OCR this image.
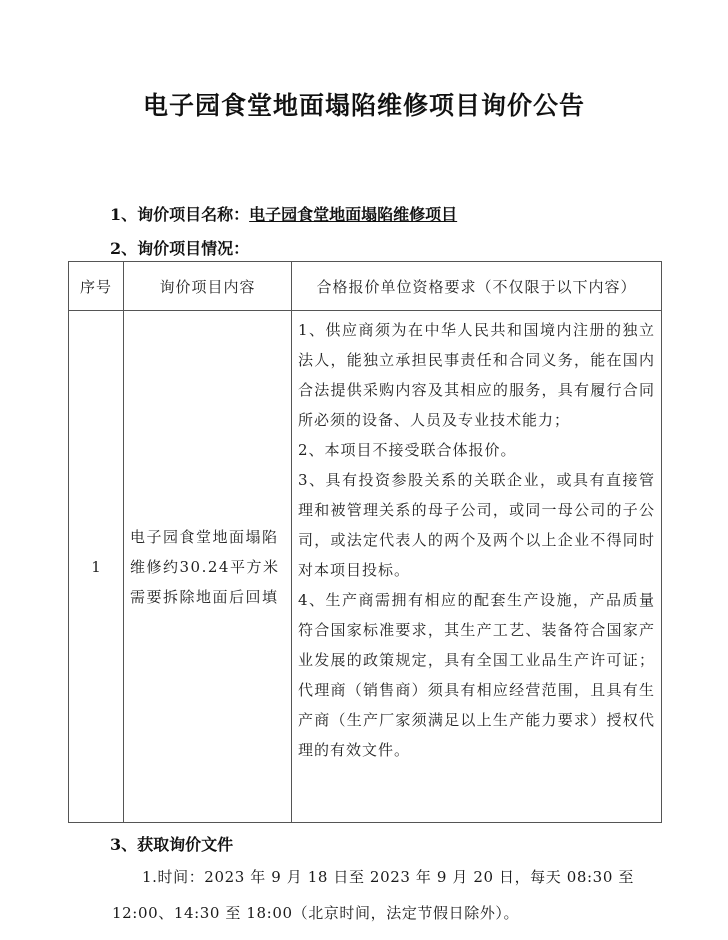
电子园食堂地面塌陷维修项目询价公告
1、询价项目名称：电子园食堂地面塌陷维修项目
2、询价项目情况：
序号	询价项目内容	合格报价单位资格要求（不仅限于以下内容）
1	电子园食堂地面塌陷维修约30.24平方米需要拆除地面后回填	1、供应商须为在中华人民共和国境内注册的独立法人，能独立承担民事责任和合同义务，能在国内合法提供采购内容及其相应的服务，具有履行合同所必须的设备、人员及专业技术能力；

2、本项目不接受联合体报价。

3、具有投资参股关系的关联企业，或具有直接管理和被管理关系的母子公司，或同一母公司的子公司，或法定代表人的两个及两个以上企业不得同时对本项目投标。

4、生产商需拥有相应的配套生产设施，产品质量符合国家标准要求，其生产工艺、装备符合国家产业发展的政策规定，具有全国工业品生产许可证；代理商（销售商）须具有相应经营范围，且具有生产商（生产厂家须满足以上生产能力要求）授权代理的有效文件。

3、获取询价文件
1.时间：2023 年 9 月 18 日至 2023 年 9 月 20 日，每天 08:30 至
12:00、14:30 至 18:00（北京时间，法定节假日除外）。
